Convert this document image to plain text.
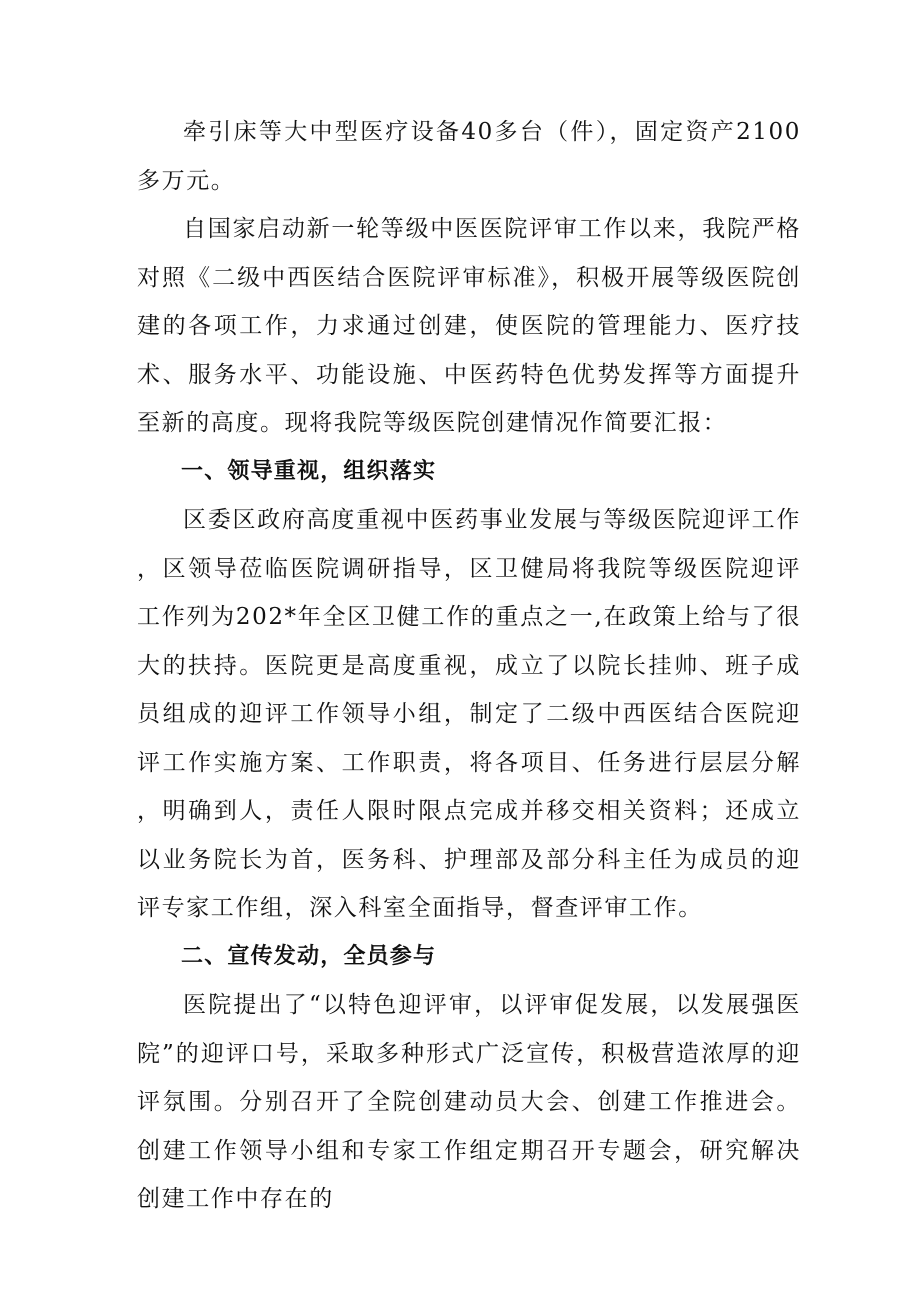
牵引床等大中型医疗设备40多台（件），固定资产2100多万元。

自国家启动新一轮等级中医医院评审工作以来，我院严格对照《二级中西医结合医院评审标准》，积极开展等级医院创建的各项工作，力求通过创建，使医院的管理能力、医疗技术、服务水平、功能设施、中医药特色优势发挥等方面提升至新的高度。现将我院等级医院创建情况作简要汇报：

一、领导重视，组织落实

区委区政府高度重视中医药事业发展与等级医院迎评工作，区领导莅临医院调研指导，区卫健局将我院等级医院迎评工作列为202*年全区卫健工作的重点之一,在政策上给与了很大的扶持。医院更是高度重视，成立了以院长挂帅、班子成员组成的迎评工作领导小组，制定了二级中西医结合医院迎评工作实施方案、工作职责，将各项目、任务进行层层分解，明确到人，责任人限时限点完成并移交相关资料；还成立以业务院长为首，医务科、护理部及部分科主任为成员的迎评专家工作组，深入科室全面指导，督查评审工作。

二、宣传发动，全员参与

医院提出了“以特色迎评审，以评审促发展，以发展强医院”的迎评口号，采取多种形式广泛宣传，积极营造浓厚的迎评氛围。分别召开了全院创建动员大会、创建工作推进会。创建工作领导小组和专家工作组定期召开专题会，研究解决创建工作中存在的
